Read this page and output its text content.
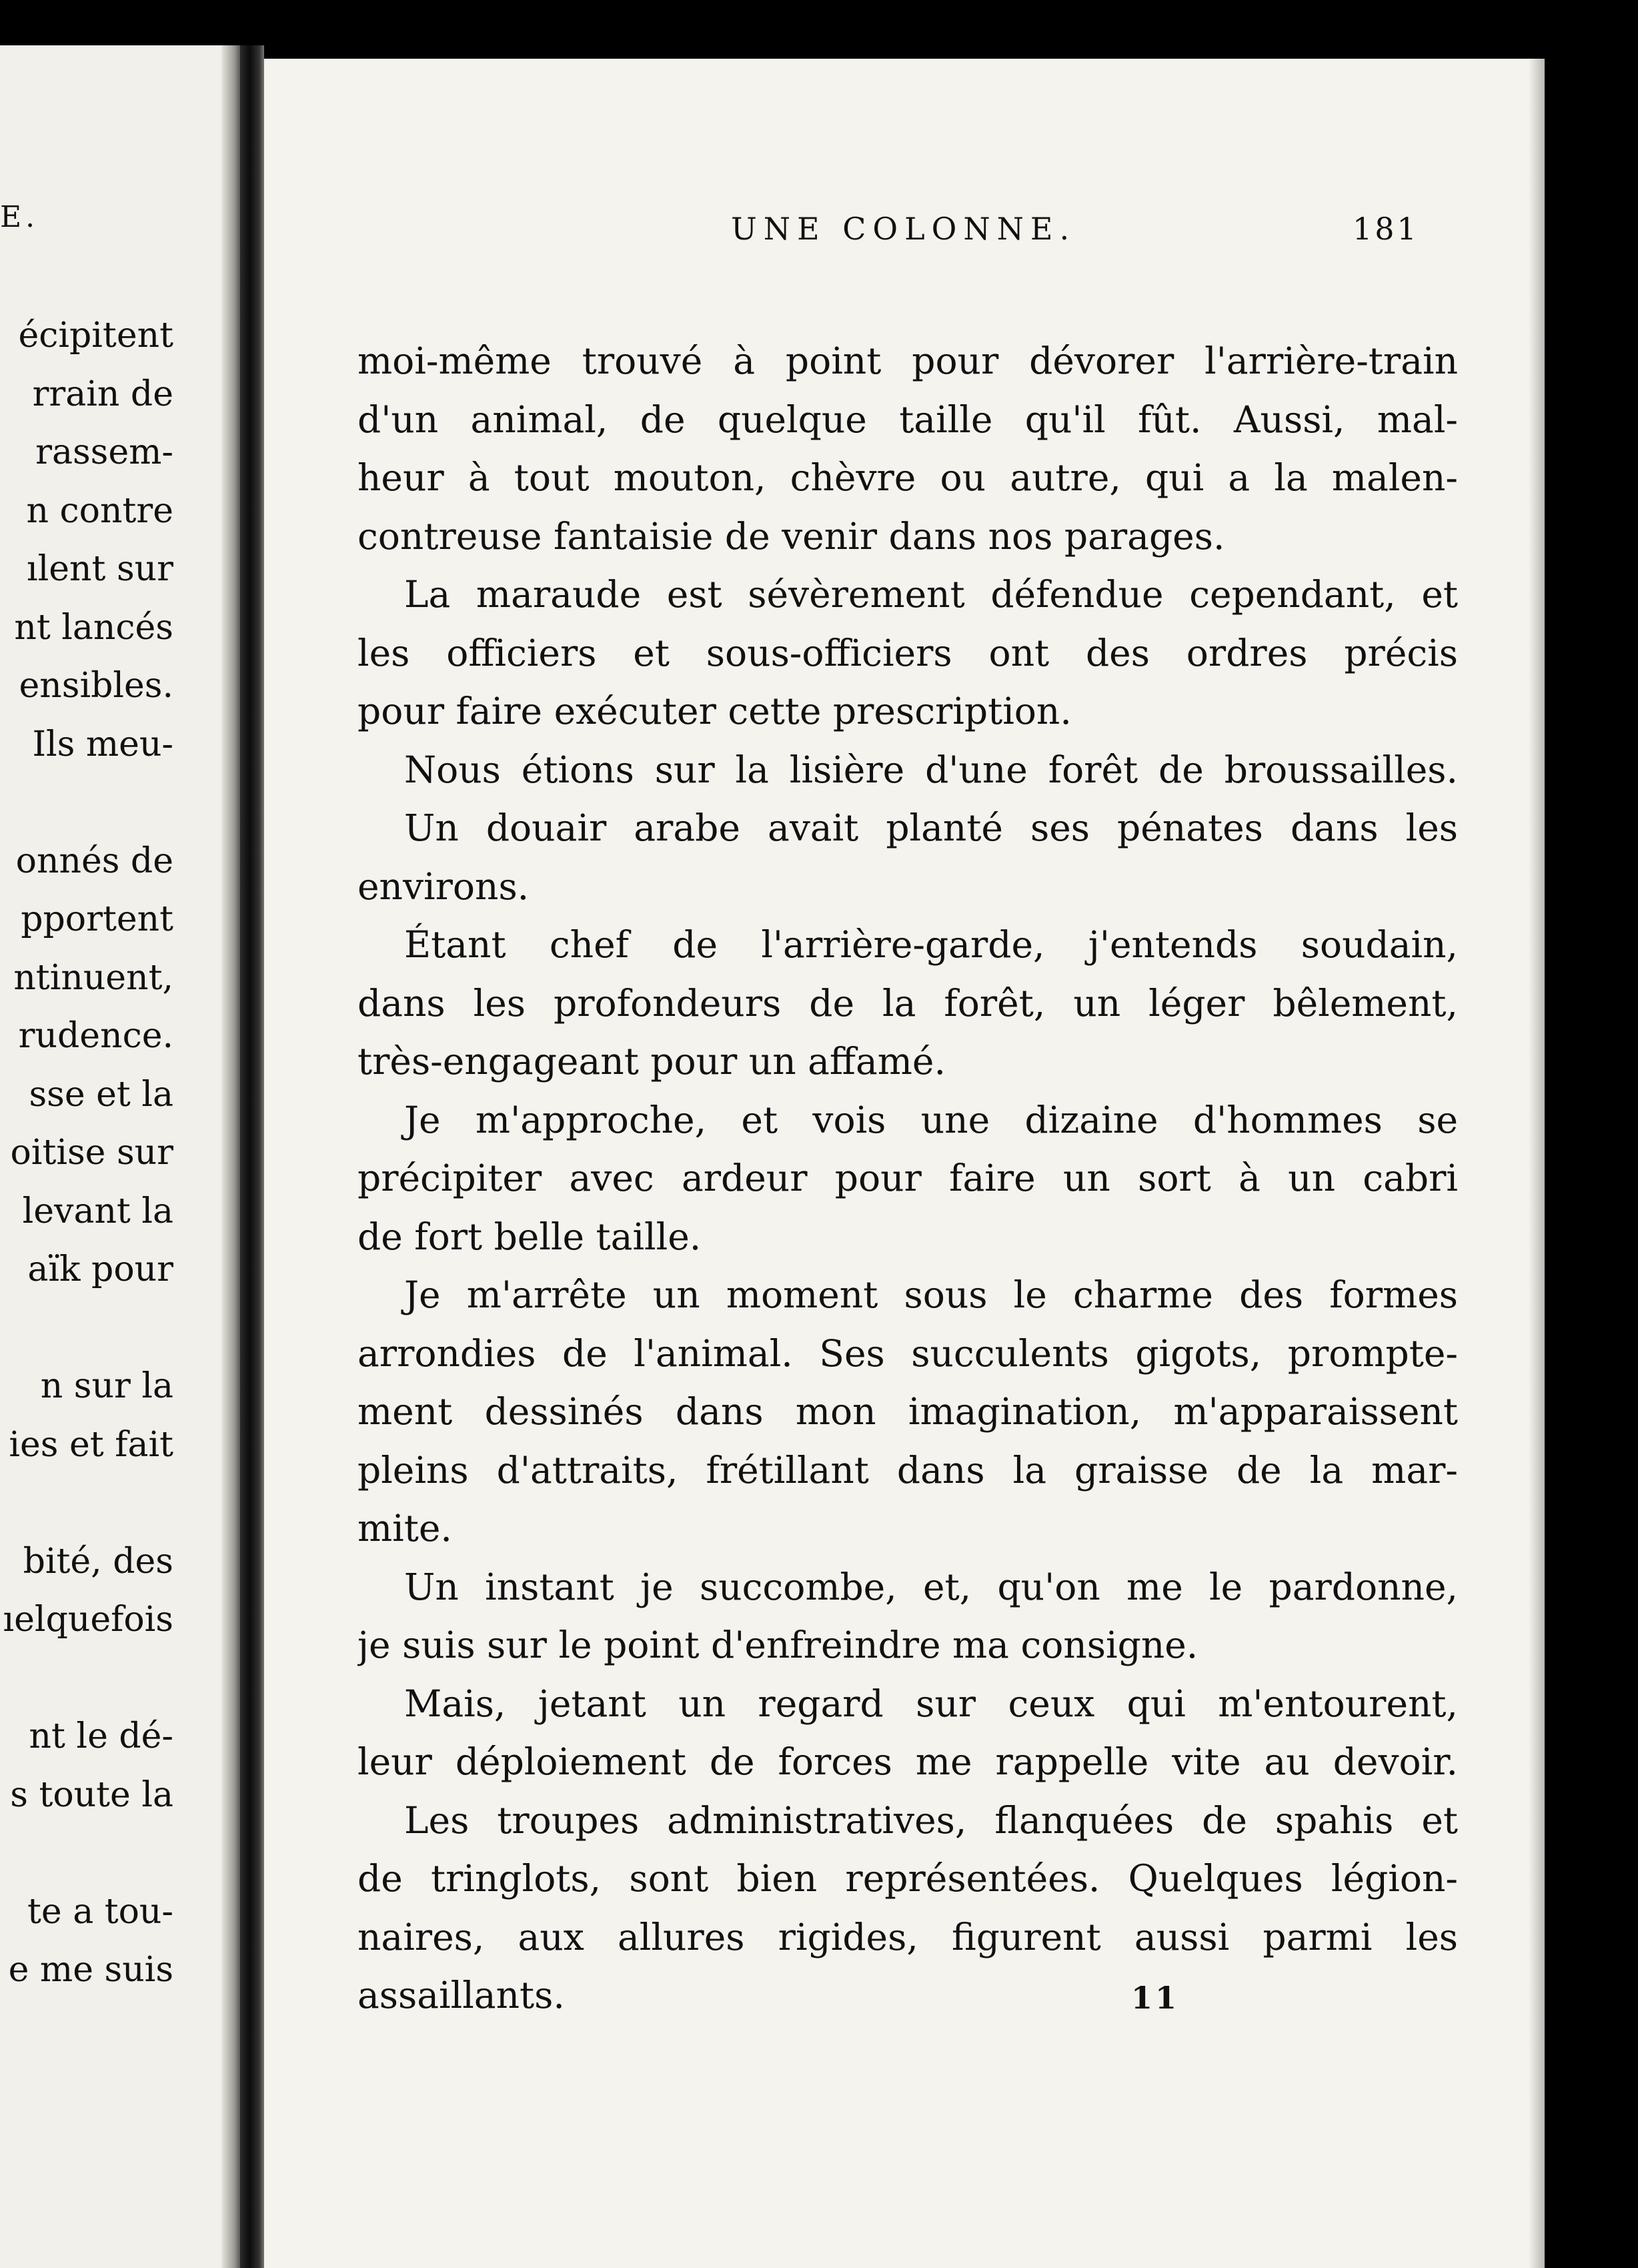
E.
écipitent
rrain de
rassem-
n contre
ılent sur
nt lancés
ensibles.
Ils meu-
onnés de
pportent
ntinuent,
rudence.
sse et la
oitise sur
levant la
aïk pour
n sur la
ies et fait
bité, des
ıelquefois
nt le dé-
s toute la
te a tou-
e me suis
UNE COLONNE.	181
moi-même trouvé à point pour dévorer l'arrière-train
d'un animal, de quelque taille qu'il fût. Aussi, mal-
heur à tout mouton, chèvre ou autre, qui a la malen-
contreuse fantaisie de venir dans nos parages.
La maraude est sévèrement défendue cependant, et
les officiers et sous-officiers ont des ordres précis
pour faire exécuter cette prescription.
Nous étions sur la lisière d'une forêt de broussailles.
Un douair arabe avait planté ses pénates dans les
environs.
Étant chef de l'arrière-garde, j'entends soudain,
dans les profondeurs de la forêt, un léger bêlement,
très-engageant pour un affamé.
Je m'approche, et vois une dizaine d'hommes se
précipiter avec ardeur pour faire un sort à un cabri
de fort belle taille.
Je m'arrête un moment sous le charme des formes
arrondies de l'animal. Ses succulents gigots, prompte-
ment dessinés dans mon imagination, m'apparaissent
pleins d'attraits, frétillant dans la graisse de la mar-
mite.
Un instant je succombe, et, qu'on me le pardonne,
je suis sur le point d'enfreindre ma consigne.
Mais, jetant un regard sur ceux qui m'entourent,
leur déploiement de forces me rappelle vite au devoir.
Les troupes administratives, flanquées de spahis et
de tringlots, sont bien représentées. Quelques légion-
naires, aux allures rigides, figurent aussi parmi les
assaillants.	11
